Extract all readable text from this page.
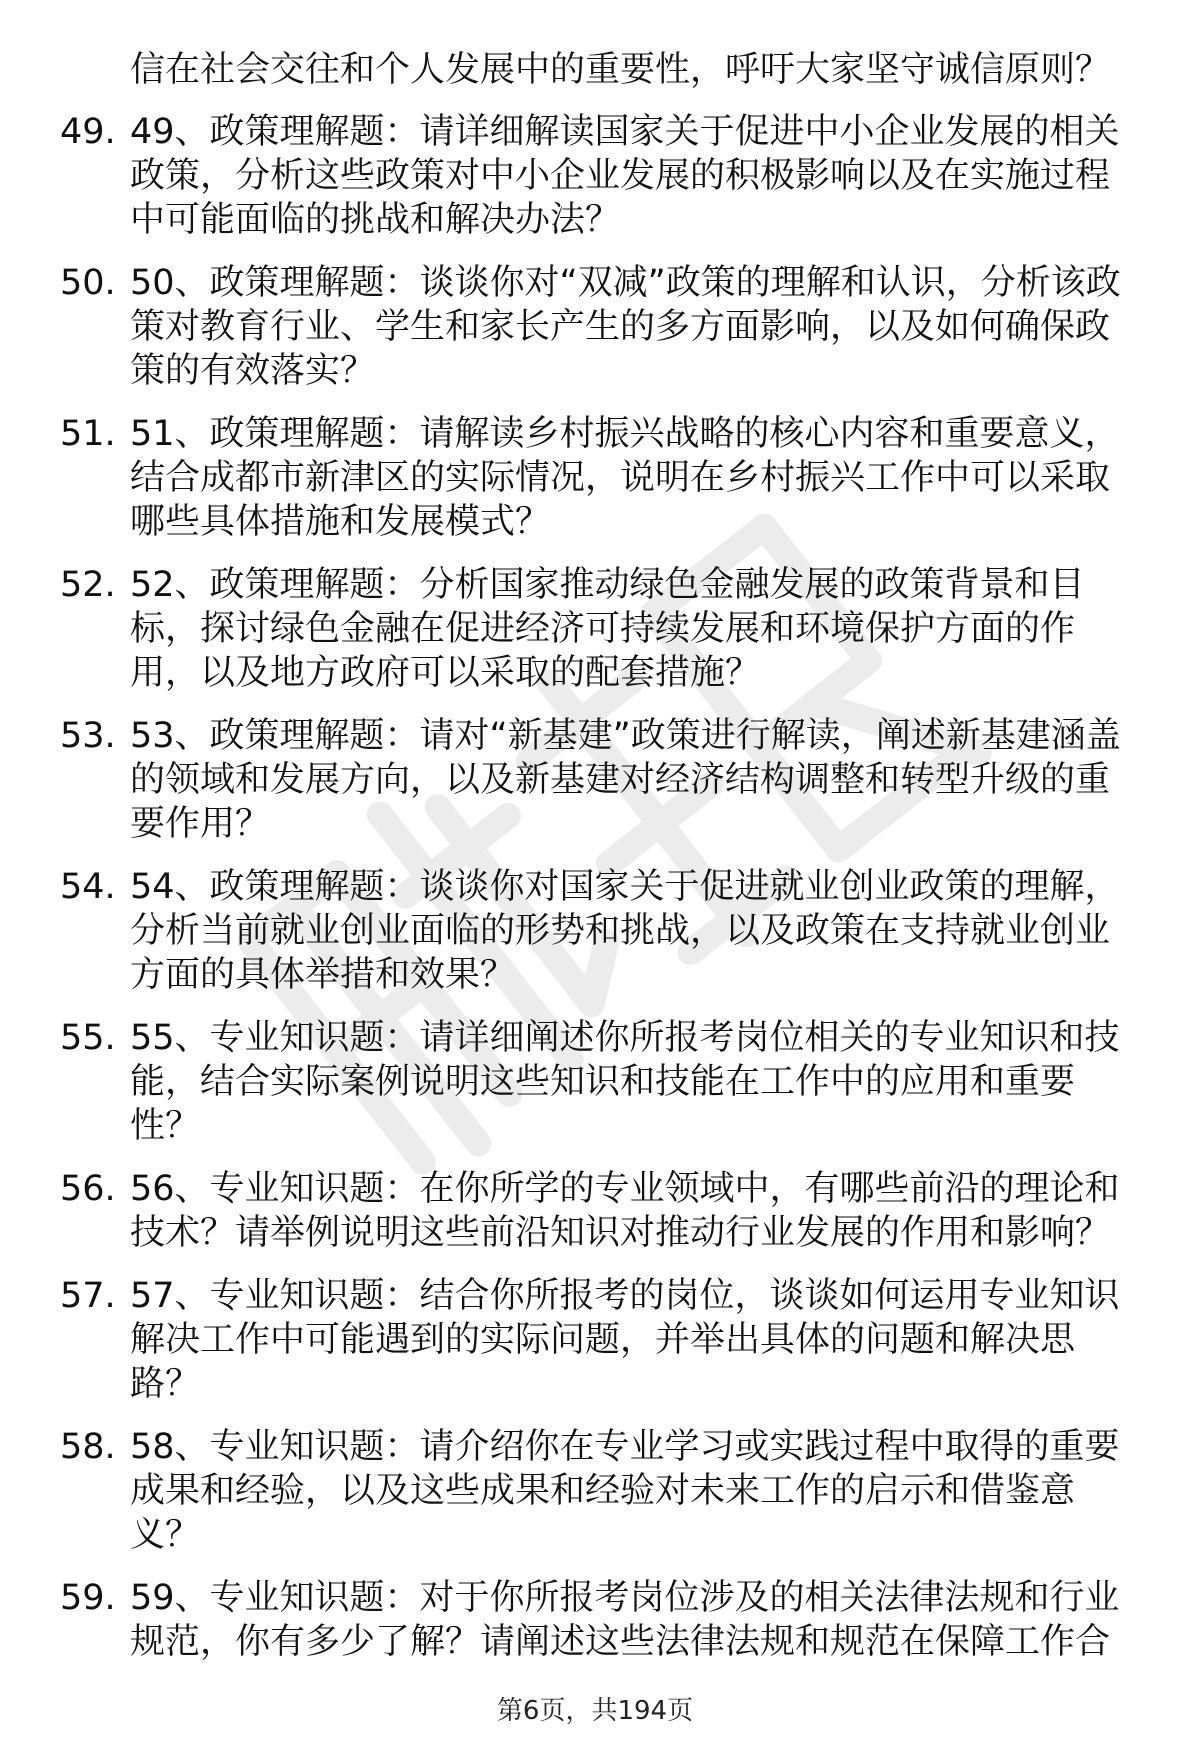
信在社会交往和个人发展中的重要性，呼吁大家坚守诚信原则？
49. 49、政策理解题：请详细解读国家关于促进中小企业发展的相关
政策，分析这些政策对中小企业发展的积极影响以及在实施过程
中可能面临的挑战和解决办法？
50. 50、政策理解题：谈谈你对“双减”政策的理解和认识，分析该政
策对教育行业、学生和家长产生的多方面影响，以及如何确保政
策的有效落实？
51. 51、政策理解题：请解读乡村振兴战略的核心内容和重要意义，
结合成都市新津区的实际情况，说明在乡村振兴工作中可以采取
哪些具体措施和发展模式？
52. 52、政策理解题：分析国家推动绿色金融发展的政策背景和目
标，探讨绿色金融在促进经济可持续发展和环境保护方面的作
用，以及地方政府可以采取的配套措施？
53. 53、政策理解题：请对“新基建”政策进行解读，阐述新基建涵盖
的领域和发展方向，以及新基建对经济结构调整和转型升级的重
要作用？
54. 54、政策理解题：谈谈你对国家关于促进就业创业政策的理解，
分析当前就业创业面临的形势和挑战，以及政策在支持就业创业
方面的具体举措和效果？
55. 55、专业知识题：请详细阐述你所报考岗位相关的专业知识和技
能，结合实际案例说明这些知识和技能在工作中的应用和重要
性？
56. 56、专业知识题：在你所学的专业领域中，有哪些前沿的理论和
技术？请举例说明这些前沿知识对推动行业发展的作用和影响？
57. 57、专业知识题：结合你所报考的岗位，谈谈如何运用专业知识
解决工作中可能遇到的实际问题，并举出具体的问题和解决思
路？
58. 58、专业知识题：请介绍你在专业学习或实践过程中取得的重要
成果和经验，以及这些成果和经验对未来工作的启示和借鉴意
义？
59. 59、专业知识题：对于你所报考岗位涉及的相关法律法规和行业
规范，你有多少了解？请阐述这些法律法规和规范在保障工作合
第6页，共194页
